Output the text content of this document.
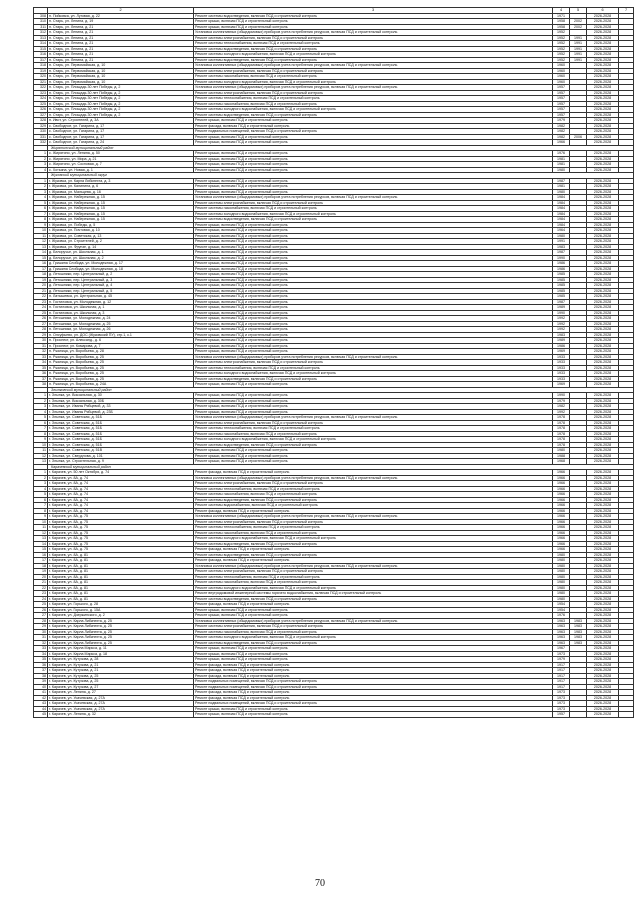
	2	3	4	5	6	7
308	п. Пойковка, ул. Луговая, д. 22	Ремонт системы водоотведения, включая ПСД и строительный контроль	1971		2026-2028	
310	п. Старь, ул. Ленина, д. 19	Ремонт крыши, включая ПСД и строительный контроль	1958	2002	2026-2028	
311	п. Старь, ул. Ленина, д. 21	Ремонт крыши, включая ПСД и строительный контроль	1958	2002	2026-2028	
312	п. Старь, ул. Ленина, д. 21	Установка коллективных (общедомовых) приборов учета потребления ресурсов, включая ПСД и строительный контроль	1952		2026-2028	
313	п. Старь, ул. Ленина, д. 21	Ремонт системы электроснабжения, включая ПСД и строительный контроль	1952	1991	2026-2028	
314	п. Старь, ул. Ленина, д. 21	Ремонт системы теплоснабжения, включая ПСД и строительный контроль	1952	1991	2026-2028	
315	п. Старь, ул. Ленина, д. 21	Ремонт системы водоотведения, включая ПСД и строительный контроль	1952	1991	2026-2028	
316	п. Старь, ул. Ленина, д. 21	Ремонт системы холодного водоснабжения, включая ПСД и строительный контроль	1952	1991	2026-2028	
317	п. Старь, ул. Ленина, д. 21	Ремонт системы водоотведения, включая ПСД и строительный контроль	1952	1991	2026-2028	
318	п. Старь, ул. Первомайская, д. 10	Установка коллективных (общедомовых) приборов учета потребления ресурсов, включая ПСД и строительный контроль	1960		2026-2028	
319	п. Старь, ул. Первомайская, д. 10	Ремонт системы электроснабжения, включая ПСД и строительный контроль	1960		2026-2028	
320	п. Старь, ул. Первомайская, д. 10	Ремонт системы газоснабжения, включая ПСД и строительный контроль	1960		2026-2028	
321	п. Старь, ул. Первомайская, д. 10	Ремонт системы холодного водоснабжения, включая ПСД и строительный контроль	1960		2026-2028	
322	п. Старь, ул. Площадь 30 лет Победы, д. 2	Установка коллективных (общедомовых) приборов учета потребления ресурсов, включая ПСД и строительный контроль	1957		2026-2028	
323	п. Старь, ул. Площадь 30 лет Победы, д. 2	Ремонт системы электроснабжения, включая ПСД и строительный контроль	1957		2026-2028	
324	п. Старь, ул. Площадь 30 лет Победы, д. 2	Ремонт системы теплоснабжения, включая ПСД и строительный контроль	1957		2026-2028	
325	п. Старь, ул. Площадь 30 лет Победы, д. 2	Ремонт системы газоснабжения, включая ПСД и строительный контроль	1957		2026-2028	
326	п. Старь, ул. Площадь 30 лет Победы, д. 2	Ремонт системы холодного водоснабжения, включая ПСД и строительный контроль	1957		2026-2028	
327	п. Старь, ул. Площадь 30 лет Победы, д. 2	Ремонт системы водоотведения, включая ПСД и строительный контроль	1957		2026-2028	
328	п. Ивот, ул. Строителей, д. 3А	Ремонт крыши, включая ПСД и строительный контроль	1979		2026-2028	
329	с. Свободное, ул. Гагарина, д. 17	Ремонт фасада, включая ПСД и строительный контроль	1982		2026-2028	
330	с. Свободное, ул. Гагарина, д. 17	Ремонт подвальных помещений, включая ПСД и строительный контроль	1982		2026-2028	
331	с. Свободное, ул. Гагарина, д. 17	Ремонт крыши, включая ПСД и строительный контроль	1982	2006	2026-2028	
332	с. Свободное, ул. Гагарина, д. 24	Ремонт крыши, включая ПСД и строительный контроль	1966		2026-2028	
	Жирятинский муниципальный район					
1	с. Жирятино, ул. Ленина, д. 50	Ремонт крыши, включая ПСД и строительный контроль	1976		2026-2028	
2	с. Жирятино, ул. Мира, д. 21	Ремонт крыши, включая ПСД и строительный контроль	1981		2026-2028	
3	с. Жирятино, ул. Сосновая, д. 7	Ремонт крыши, включая ПСД и строительный контроль	1981		2026-2028	
4	с. Хотьяна, ул. Новая, д. 1	Ремонт крыши, включая ПСД и строительный контроль	1980		2026-2028	
	Жуковский муниципальный округ					
1	г. Жуковка, ул. Карла Либкнехта, д. 3	Ремонт крыши, включая ПСД и строительный контроль	1987		2026-2028	
2	г. Жуковка, ул. Калинина, д. 6	Ремонт крыши, включая ПСД и строительный контроль	1981		2026-2028	
3	г. Жуковка, ул. Мальцева, д. 16	Ремонт крыши, включая ПСД и строительный контроль	1980		2026-2028	
4	г. Жуковка, ул. Набережная, д. 15	Установка коллективных (общедомовых) приборов учета потребления ресурсов, включая ПСД и строительный контроль	1984		2026-2028	
5	г. Жуковка, ул. Набережная, д. 15	Ремонт системы электроснабжения, включая ПСД и строительный контроль	1984		2026-2028	
6	г. Жуковка, ул. Набережная, д. 15	Ремонт системы газоснабжения, включая ПСД и строительный контроль	1984		2026-2028	
7	г. Жуковка, ул. Набережная, д. 15	Ремонт системы холодного водоснабжения, включая ПСД и строительный контроль	1984		2026-2028	
8	г. Жуковка, ул. Набережная, д. 15	Ремонт системы водоотведения, включая ПСД и строительный контроль	1984		2026-2028	
9	г. Жуковка, ул. Победы, д. 5	Ремонт крыши, включая ПСД и строительный контроль	1984		2026-2028	
10	г. Жуковка, ул. Почтовая, д. 10	Ремонт крыши, включая ПСД и строительный контроль	1964		2026-2028	
11	г. Жуковка, ул. Советская, д. 13	Ремонт крыши, включая ПСД и строительный контроль	1980		2026-2028	
12	г. Жуковка, ул. Строителей, д. 2	Ремонт крыши, включая ПСД и строительный контроль	1991		2026-2028	
13	г. Жуковка, ул. Фрунзе, д. 14	Ремонт крыши, включая ПСД и строительный контроль	1983		2026-2028	
14	д. Белоручье, ул. Школьная, д. 1	Ремонт крыши, включая ПСД и строительный контроль	1987		2026-2028	
15	д. Белоручье, ул. Школьная, д. 2	Ремонт крыши, включая ПСД и строительный контроль	1990		2026-2028	
16	д. Гришина Слобода, ул. Молодежная, д. 17	Ремонт крыши, включая ПСД и строительный контроль	1986		2026-2028	
17	д. Гришина Слобода, ул. Молодежная, д. 18	Ремонт крыши, включая ПСД и строительный контроль	1986		2026-2028	
18	д. Летошники, пер. Центральный, д. 2	Ремонт крыши, включая ПСД и строительный контроль	1985		2026-2028	
19	д. Летошники, пер. Центральный, д. 3	Ремонт крыши, включая ПСД и строительный контроль	1985		2026-2028	
20	д. Летошники, пер. Центральный, д. 4	Ремонт крыши, включая ПСД и строительный контроль	1985		2026-2028	
21	д. Летошники, пер. Центральный, д. 5	Ремонт крыши, включая ПСД и строительный контроль	1985		2026-2028	
22	п. Латышевка, ул. Центральная, д. 45	Ремонт крыши, включая ПСД и строительный контроль	1985		2026-2028	
23	п. Гостиловка, ул. Молодежная, д. 12	Ремонт крыши, включая ПСД и строительный контроль	1987		2026-2028	
24	п. Гостиловка, ул. Школьная, д. 1	Ремонт крыши, включая ПСД и строительный контроль	1989		2026-2028	
25	п. Гостиловка, ул. Школьная, д. 3	Ремонт крыши, включая ПСД и строительный контроль	1990		2026-2028	
26	п. Летошники, ул. Молодежная, д. 24	Ремонт крыши, включая ПСД и строительный контроль	1992		2026-2028	
27	п. Летошники, ул. Молодежная, д. 25	Ремонт крыши, включая ПСД и строительный контроль	1992		2026-2028	
28	п. Летошники, ул. Молодежная, д. 26	Ремонт крыши, включая ПСД и строительный контроль	1992		2026-2028	
29	п. Олсуфьево, ул. ДОС (Жуковский ПУ), стр.1, к.1	Ремонт крыши, включая ПСД и строительный контроль	1983		2026-2028	
30	п. Проспект, ул. Александ., д. 6	Ремонт крыши, включая ПСД и строительный контроль	1989		2026-2028	
31	п. Проспект, ул. Комарова, д. 7	Ремонт крыши, включая ПСД и строительный контроль	1986		2026-2028	
32	п. Ржаница, ул. Воробьева, д. 28	Ремонт крыши, включая ПСД и строительный контроль	1969		2026-2028	
33	п. Ржаница, ул. Воробьева, д. 25	Установка коллективных (общедомовых) приборов учета потребления ресурсов, включая ПСД и строительный контроль	1933		2026-2028	
34	п. Ржаница, ул. Воробьева, д. 25	Ремонт системы электроснабжения, включая ПСД и строительный контроль	1933		2026-2028	
35	п. Ржаница, ул. Воробьева, д. 25	Ремонт системы теплоснабжения, включая ПСД и строительный контроль	1933		2026-2028	
36	п. Ржаница, ул. Воробьева, д. 25	Ремонт системы холодного водоснабжения, включая ПСД и строительный контроль	1933		2026-2028	
37	п. Ржаница, ул. Воробьева, д. 25	Ремонт системы водоотведения, включая ПСД и строительный контроль	1933		2026-2028	
38	п. Ржаница, ул. Воробьева, д. 24А	Ремонт крыши, включая ПСД и строительный контроль	1969		2026-2028	
	Злынковский муниципальный район					
1	г. Злынка, ул. Вокзальная, д. 30	Ремонт крыши, включая ПСД и строительный контроль	1990		2026-2028	
2	г. Злынка, ул. Вокзальная, д. 30Б	Ремонт крыши, включая ПСД и строительный контроль	1979		2026-2028	
3	г. Злынка, ул. Иваны Рябцевой, д. 33	Ремонт крыши, включая ПСД и строительный контроль	1982		2026-2028	
4	г. Злынка, ул. Иваны Рябцевой, д. 23Б	Ремонт крыши, включая ПСД и строительный контроль	1992		2026-2028	
5	г. Злынка, ул. Советская, д. 51Б	Установка коллективных (общедомовых) приборов учета потребления ресурсов, включая ПСД и строительный контроль	1978		2026-2028	
6	г. Злынка, ул. Советская, д. 51Б	Ремонт системы электроснабжения, включая ПСД и строительный контроль	1978		2026-2028	
7	г. Злынка, ул. Советская, д. 51Б	Ремонт системы теплоснабжения, включая ПСД и строительный контроль	1978		2026-2028	
8	г. Злынка, ул. Советская, д. 51Б	Ремонт системы газоснабжения, включая ПСД и строительный контроль	1978		2026-2028	
9	г. Злынка, ул. Советская, д. 51Б	Ремонт системы холодного водоснабжения, включая ПСД и строительный контроль	1978		2026-2028	
10	г. Злынка, ул. Советская, д. 51Б	Ремонт системы водоотведения, включая ПСД и строительный контроль	1978		2026-2028	
11	г. Злынка, ул. Советская, д. 51В	Ремонт крыши, включая ПСД и строительный контроль	1980		2026-2028	
12	г. Злынка, ул. Свердлова, д. 101	Ремонт крыши, включая ПСД и строительный контроль	1988		2026-2028	
13	г. Злынка, ул. Строительная, д. 9	Ремонт крыши, включая ПСД и строительный контроль	1968		2026-2028	
	Карачевский муниципальный район					
1	г. Карачев, ул. 50 лет Октября, д. 74	Ремонт фасада, включая ПСД и строительный контроль	1966		2026-2028	
2	г. Карачев, ул. 8А, д. 74	Установка коллективных (общедомовых) приборов учета потребления ресурсов, включая ПСД и строительный контроль	1966		2026-2028	
3	г. Карачев, ул. 8А, д. 74	Ремонт системы электроснабжения, включая ПСД и строительный контроль	1966		2026-2028	
4	г. Карачев, ул. 8А, д. 74	Ремонт системы теплоснабжения, включая ПСД и строительный контроль	1966		2026-2028	
5	г. Карачев, ул. 8А, д. 74	Ремонт системы газоснабжения, включая ПСД и строительный контроль	1966		2026-2028	
6	г. Карачев, ул. 8А, д. 74	Ремонт системы водоотведения, включая ПСД и строительный контроль	1966		2026-2028	
7	г. Карачев, ул. 8А, д. 74	Ремонт системы водоснабжения, включая ПСД и строительный контроль	1966		2026-2028	
8	г. Карачев, ул. 8А, д. 74	Ремонт фасада, включая ПСД и строительный контроль	1966		2026-2028	
9	г. Карачев, ул. 8А, д. 75	Установка коллективных (общедомовых) приборов учета потребления ресурсов, включая ПСД и строительный контроль	1966		2026-2028	
10	г. Карачев, ул. 8А, д. 75	Ремонт системы электроснабжения, включая ПСД и строительный контроль	1966		2026-2028	
11	г. Карачев, ул. 8А, д. 75	Ремонт системы теплоснабжения, включая ПСД и строительный контроль	1966		2026-2028	
12	г. Карачев, ул. 8А, д. 75	Ремонт системы газоснабжения, включая ПСД и строительный контроль	1966		2026-2028	
13	г. Карачев, ул. 8А, д. 75	Ремонт системы холодного водоснабжения, включая ПСД и строительный контроль	1966		2026-2028	
14	г. Карачев, ул. 8А, д. 75	Ремонт системы водоотведения, включая ПСД и строительный контроль	1966		2026-2028	
15	г. Карачев, ул. 8А, д. 75	Ремонт фасада, включая ПСД и строительный контроль	1966		2026-2028	
16	г. Карачев, ул. 8А, д. 81	Ремонт системы водоотведения, включая ПСД и строительный контроль	1980		2026-2028	
17	г. Карачев, ул. 8А, д. 81	Ремонт фасада, включая ПСД и строительный контроль	1980		2026-2028	
18	г. Карачев, ул. 8А, д. 81	Установка коллективных (общедомовых) приборов учета потребления ресурсов, включая ПСД и строительный контроль	1980		2026-2028	
19	г. Карачев, ул. 8А, д. 81	Ремонт системы электроснабжения, включая ПСД и строительный контроль	1980		2026-2028	
20	г. Карачев, ул. 8А, д. 81	Ремонт системы теплоснабжения, включая ПСД и строительный контроль	1980		2026-2028	
21	г. Карачев, ул. 8А, д. 81	Ремонт системы газоснабжения, включая ПСД и строительный контроль	1980		2026-2028	
22	г. Карачев, ул. 8А, д. 81	Ремонт системы холодного водоснабжения, включая ПСД и строительный контроль	1980		2026-2028	
23	г. Карачев, ул. 8А, д. 81	Ремонт внутридомовой инженерной системы горячего водоснабжения, включая ПСД и строительный контроль	1980		2026-2028	
24	г. Карачев, ул. 8А, д. 81	Ремонт системы водоотведения, включая ПСД и строительный контроль	1980		2026-2028	
25	г. Карачев, ул. Горького, д. 28	Ремонт фасада, включая ПСД и строительный контроль	1954		2026-2028	
26	г. Карачев, ул. Горького, д. 15А	Ремонт крыши, включая ПСД и строительный контроль	1954		2026-2028	
27	г. Карачев, ул. Дзержинского, д. 2	Ремонт крыши, включая ПСД и строительный контроль	1976		2026-2028	
28	г. Карачев, ул. Карла Либкнехта, д. 25	Установка коллективных (общедомовых) приборов учета потребления ресурсов, включая ПСД и строительный контроль	1963	1983	2026-2028	
29	г. Карачев, ул. Карла Либкнехта, д. 25	Ремонт системы электроснабжения, включая ПСД и строительный контроль	1963	1983	2026-2028	
30	г. Карачев, ул. Карла Либкнехта, д. 25	Ремонт системы газоснабжения, включая ПСД и строительный контроль	1963	1983	2026-2028	
31	г. Карачев, ул. Карла Либкнехта, д. 25	Ремонт системы холодного водоснабжения, включая ПСД и строительный контроль	1963	1983	2026-2028	
32	г. Карачев, ул. Карла Либкнехта, д. 25	Ремонт системы водоотведения, включая ПСД и строительный контроль	1963	1983	2026-2028	
33	г. Карачев, ул. Карла Маркса, д. 11	Ремонт крыши, включая ПСД и строительный контроль	1967		2026-2028	
34	г. Карачев, ул. Карла Маркса, д. 18	Ремонт крыши, включая ПСД и строительный контроль	1973		2026-2028	
35	г. Карачев, ул. Кутузова, д. 28	Ремонт крыши, включая ПСД и строительный контроль	1979		2026-2028	
36	г. Карачев, ул. Кутузова, д. 21	Ремонт фасада, включая ПСД и строительный контроль	1917		2026-2028	
37	г. Карачев, ул. Кутузова, д. 21	Ремонт фасада, включая ПСД и строительный контроль	1917		2026-2028	
38	г. Карачев, ул. Кутузова, д. 25	Ремонт фасада, включая ПСД и строительный контроль	1917		2026-2028	
39	г. Карачев, ул. Кутузова, д. 25	Ремонт подвальных помещений, включая ПСД и строительный контроль	1917		2026-2028	
40	г. Карачев, ул. Кутузова, д. 27	Ремонт подвальных помещений, включая ПСД и строительный контроль	1917		2026-2028	
41	г. Карачев, ул. Ленина, д. 27	Ремонт фасада, включая ПСД и строительный контроль	1973		2026-2028	
42	г. Карачев, ул. Усачевская, д. 27А	Ремонт фасада, включая ПСД и строительный контроль	1973		2026-2028	
43	г. Карачев, ул. Усачевская, д. 27А	Ремонт подвальных помещений, включая ПСД и строительный контроль	1973		2026-2028	
44	г. Карачев, ул. Усачевская, д. 27А	Ремонт крыши, включая ПСД и строительный контроль	1973		2026-2028	
45	г. Карачев, ул. Ленина, д. 32	Ремонт крыши, включая ПСД и строительный контроль	1957		2026-2028	
70
